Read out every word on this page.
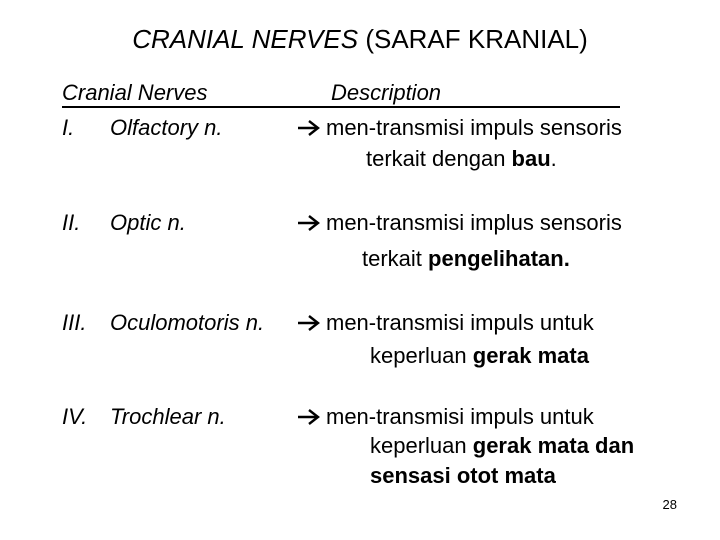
CRANIAL NERVES (SARAF KRANIAL)
Cranial Nerves	Description
I. Olfactory n.	men-transmisi impuls sensoris
terkait dengan bau.
II. Optic n.	men-transmisi implus sensoris
terkait pengelihatan.
III. Oculomotoris n.	men-transmisi impuls untuk
keperluan gerak mata
IV. Trochlear n.	men-transmisi impuls untuk
keperluan gerak mata dan
sensasi otot mata
28
